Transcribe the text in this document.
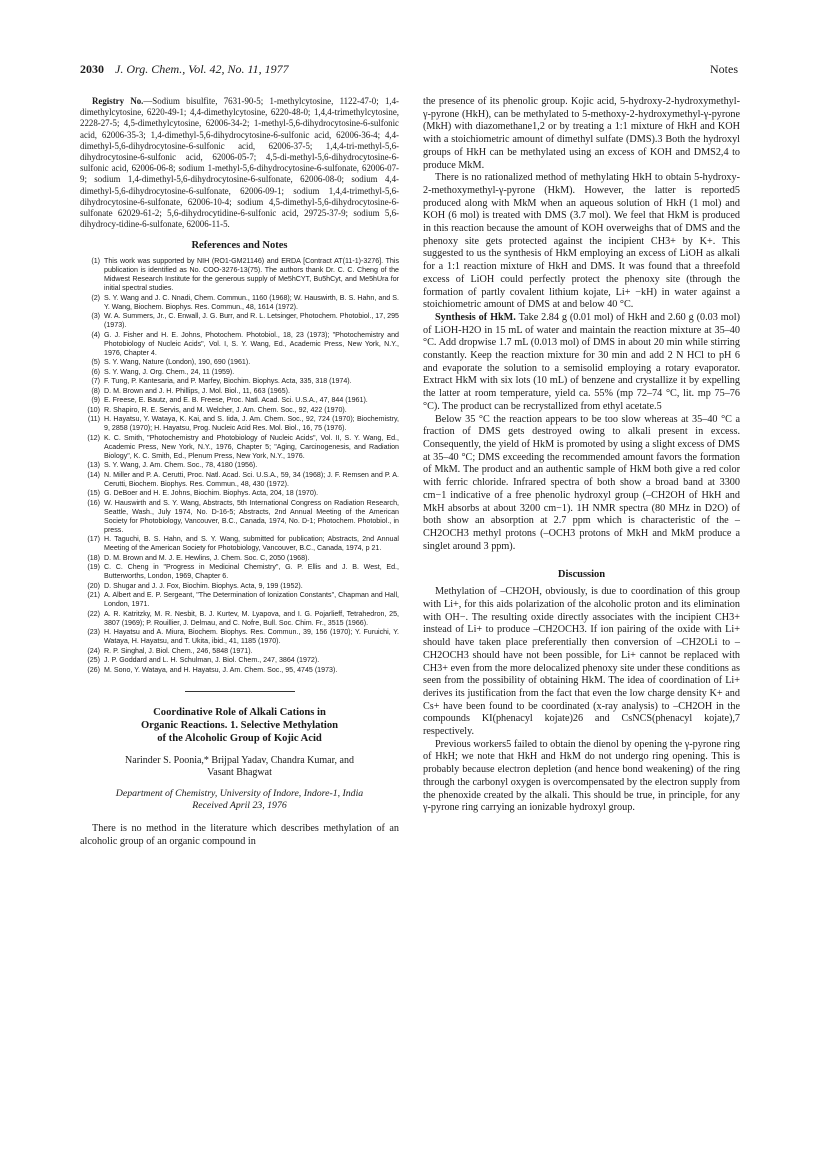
2030 J. Org. Chem., Vol. 42, No. 11, 1977	Notes

Registry No.—Sodium bisulfite, 7631-90-5; 1-methylcytosine, 1122-47-0; 1,4-dimethylcytosine, 6220-49-1; 4,4-dimethylcytosine, 6220-48-0; 1,4,4-trimethylcytosine, 2228-27-5; 4,5-dimethylcytosine, 62006-34-2; 1-methyl-5,6-dihydrocytosine-6-sulfonic acid, 62006-35-3; 1,4-dimethyl-5,6-dihydrocytosine-6-sulfonic acid, 62006-36-4; 4,4-dimethyl-5,6-dihydrocytosine-6-sulfonic acid, 62006-37-5; 1,4,4-tri-methyl-5,6-dihydrocytosine-6-sulfonic acid, 62006-05-7; 4,5-di-methyl-5,6-dihydrocytosine-6-sulfonic acid, 62006-06-8; sodium 1-methyl-5,6-dihydrocytosine-6-sulfonate, 62006-07-9; sodium 1,4-dimethyl-5,6-dihydrocytosine-6-sulfonate, 62006-08-0; sodium 4,4-dimethyl-5,6-dihydrocytosine-6-sulfonate, 62006-09-1; sodium 1,4,4-trimethyl-5,6-dihydrocytosine-6-sulfonate, 62006-10-4; sodium 4,5-dimethyl-5,6-dihydrocytosine-6-sulfonate 62029-61-2; 5,6-dihydrocytidine-6-sulfonic acid, 29725-37-9; sodium 5,6-dihydrocy-tidine-6-sulfonate, 62006-11-5.

References and Notes
(1) This work was supported by NIH (RO1-GM21146) and ERDA [Contract AT(11-1)-3276]. This publication is identified as No. COO-3276-13(75). The authors thank Dr. C. C. Cheng of the Midwest Research Institute for the generous supply of Me5hCYT, Bu5hCyt, and Me5hUra for initial spectral studies.
(2) S. Y. Wang and J. C. Nnadi, Chem. Commun., 1160 (1968); W. Hauswirth, B. S. Hahn, and S. Y. Wang, Biochem. Biophys. Res. Commun., 48, 1614 (1972).
(3) W. A. Summers, Jr., C. Enwall, J. G. Burr, and R. L. Letsinger, Photochem. Photobiol., 17, 295 (1973).
(4) G. J. Fisher and H. E. Johns, Photochem. Photobiol., 18, 23 (1973); "Photochemistry and Photobiology of Nucleic Acids", Vol. I, S. Y. Wang, Ed., Academic Press, New York, N.Y., 1976, Chapter 4.
(5) S. Y. Wang, Nature (London), 190, 690 (1961).
(6) S. Y. Wang, J. Org. Chem., 24, 11 (1959).
(7) F. Tung, P. Kantesaria, and P. Marfey, Biochim. Biophys. Acta, 335, 318 (1974).
(8) D. M. Brown and J. H. Phillips, J. Mol. Biol., 11, 663 (1965).
(9) E. Freese, E. Bautz, and E. B. Freese, Proc. Natl. Acad. Sci. U.S.A., 47, 844 (1961).
(10) R. Shapiro, R. E. Servis, and M. Welcher, J. Am. Chem. Soc., 92, 422 (1970).
(11) H. Hayatsu, Y. Wataya, K. Kai, and S. Iida, J. Am. Chem. Soc., 92, 724 (1970); Biochemistry, 9, 2858 (1970); H. Hayatsu, Prog. Nucleic Acid Res. Mol. Biol., 16, 75 (1976).
(12) K. C. Smith, "Photochemistry and Photobiology of Nucleic Acids", Vol. II, S. Y. Wang, Ed., Academic Press, New York, N.Y., 1976, Chapter 5; "Aging, Carcinogenesis, and Radiation Biology", K. C. Smith, Ed., Plenum Press, New York, N.Y., 1976.
(13) S. Y. Wang, J. Am. Chem. Soc., 78, 4180 (1956).
(14) N. Miller and P. A. Cerutti, Proc. Natl. Acad. Sci. U.S.A., 59, 34 (1968); J. F. Remsen and P. A. Cerutti, Biochem. Biophys. Res. Commun., 48, 430 (1972).
(15) G. DeBoer and H. E. Johns, Biochim. Biophys. Acta, 204, 18 (1970).
(16) W. Hauswirth and S. Y. Wang, Abstracts, 5th International Congress on Radiation Research, Seattle, Wash., July 1974, No. D-16-5; Abstracts, 2nd Annual Meeting of the American Society for Photobiology, Vancouver, B.C., Canada, 1974, No. D-1; Photochem. Photobiol., in press.
(17) H. Taguchi, B. S. Hahn, and S. Y. Wang, submitted for publication; Abstracts, 2nd Annual Meeting of the American Society for Photobiology, Vancouver, B.C., Canada, 1974, p 21.
(18) D. M. Brown and M. J. E. Hewlins, J. Chem. Soc. C, 2050 (1968).
(19) C. C. Cheng in "Progress in Medicinal Chemistry", G. P. Ellis and J. B. West, Ed., Butterworths, London, 1969, Chapter 6.
(20) D. Shugar and J. J. Fox, Biochim. Biophys. Acta, 9, 199 (1952).
(21) A. Albert and E. P. Sergeant, "The Determination of Ionization Constants", Chapman and Hall, London, 1971.
(22) A. R. Katritzky, M. R. Nesbit, B. J. Kurtev, M. Lyapova, and I. G. Pojarlieff, Tetrahedron, 25, 3807 (1969); P. Rouillier, J. Delmau, and C. Nofre, Bull. Soc. Chim. Fr., 3515 (1966).
(23) H. Hayatsu and A. Miura, Biochem. Biophys. Res. Commun., 39, 156 (1970); Y. Furuichi, Y. Wataya, H. Hayatsu, and T. Ukita, ibid., 41, 1185 (1970).
(24) R. P. Singhal, J. Biol. Chem., 246, 5848 (1971).
(25) J. P. Goddard and L. H. Schulman, J. Biol. Chem., 247, 3864 (1972).
(26) M. Sono, Y. Wataya, and H. Hayatsu, J. Am. Chem. Soc., 95, 4745 (1973).
Coordinative Role of Alkali Cations in
Organic Reactions. 1. Selective Methylation
of the Alcoholic Group of Kojic Acid
Narinder S. Poonia,* Brijpal Yadav, Chandra Kumar, and
Vasant Bhagwat
Department of Chemistry, University of Indore, Indore-1, India
Received April 23, 1976

There is no method in the literature which describes methylation of an alcoholic group of an organic compound in

the presence of its phenolic group. Kojic acid, 5-hydroxy-2-hydroxymethyl-γ-pyrone (HkH), can be methylated to 5-methoxy-2-hydroxymethyl-γ-pyrone (MkH) with diazomethane1,2 or by treating a 1:1 mixture of HkH and KOH with a stoichiometric amount of dimethyl sulfate (DMS).3 Both the hydroxyl groups of HkH can be methylated using an excess of KOH and DMS2,4 to produce MkM.

There is no rationalized method of methylating HkH to obtain 5-hydroxy-2-methoxymethyl-γ-pyrone (HkM). However, the latter is reported5 produced along with MkM when an aqueous solution of HkH (1 mol) and KOH (6 mol) is treated with DMS (3.7 mol). We feel that HkM is produced in this reaction because the amount of KOH overweighs that of DMS and the phenoxy site gets protected against the incipient CH3+ by K+. This suggested to us the synthesis of HkM employing an excess of LiOH as alkali for a 1:1 reaction mixture of HkH and DMS. It was found that a threefold excess of LiOH could perfectly protect the phenoxy site (through the formation of partly covalent lithium kojate, Li+ −kH) in water against a stoichiometric amount of DMS at and below 40 °C.

Synthesis of HkM. Take 2.84 g (0.01 mol) of HkH and 2.60 g (0.03 mol) of LiOH-H2O in 15 mL of water and maintain the reaction mixture at 35–40 °C. Add dropwise 1.7 mL (0.013 mol) of DMS in about 20 min while stirring constantly. Keep the reaction mixture for 30 min and add 2 N HCl to pH 6 and evaporate the solution to a semisolid employing a rotary evaporator. Extract HkM with six lots (10 mL) of benzene and crystallize it by expelling the latter at room temperature, yield ca. 55% (mp 72–74 °C, lit. mp 75–76 °C). The product can be recrystallized from ethyl acetate.5

Below 35 °C the reaction appears to be too slow whereas at 35–40 °C a fraction of DMS gets destroyed owing to alkali present in excess. Consequently, the yield of HkM is promoted by using a slight excess of DMS at 35–40 °C; DMS exceeding the recommended amount favors the formation of MkM. The product and an authentic sample of HkM both give a red color with ferric chloride. Infrared spectra of both show a broad band at 3300 cm−1 indicative of a free phenolic hydroxyl group (–CH2OH of HkH and MkH absorbs at about 3200 cm−1). 1H NMR spectra (80 MHz in D2O) of both show an absorption at 2.7 ppm which is characteristic of the –CH2OCH3 methyl protons (–OCH3 protons of MkH and MkM produce a singlet around 3 ppm).

Discussion

Methylation of –CH2OH, obviously, is due to coordination of this group with Li+, for this aids polarization of the alcoholic proton and its elimination with OH−. The resulting oxide directly associates with the incipient CH3+ instead of Li+ to produce –CH2OCH3. If ion pairing of the oxide with Li+ should have taken place preferentially then conversion of –CH2OLi to –CH2OCH3 should have not been possible, for Li+ cannot be replaced with CH3+ even from the more delocalized phenoxy site under these conditions as seen from the possibility of obtaining HkM. The idea of coordination of Li+ derives its justification from the fact that even the low charge density K+ and Cs+ have been found to be coordinated (x-ray analysis) to –CH2OH in the compounds KI(phenacyl kojate)26 and CsNCS(phenacyl kojate),7 respectively.

Previous workers5 failed to obtain the dienol by opening the γ-pyrone ring of HkH; we note that HkH and HkM do not undergo ring opening. This is probably because electron depletion (and hence bond weakening) of the ring through the carbonyl oxygen is overcompensated by the electron supply from the phenoxide created by the alkali. This should be true, in principle, for any γ-pyrone ring carrying an ionizable hydroxyl group.
